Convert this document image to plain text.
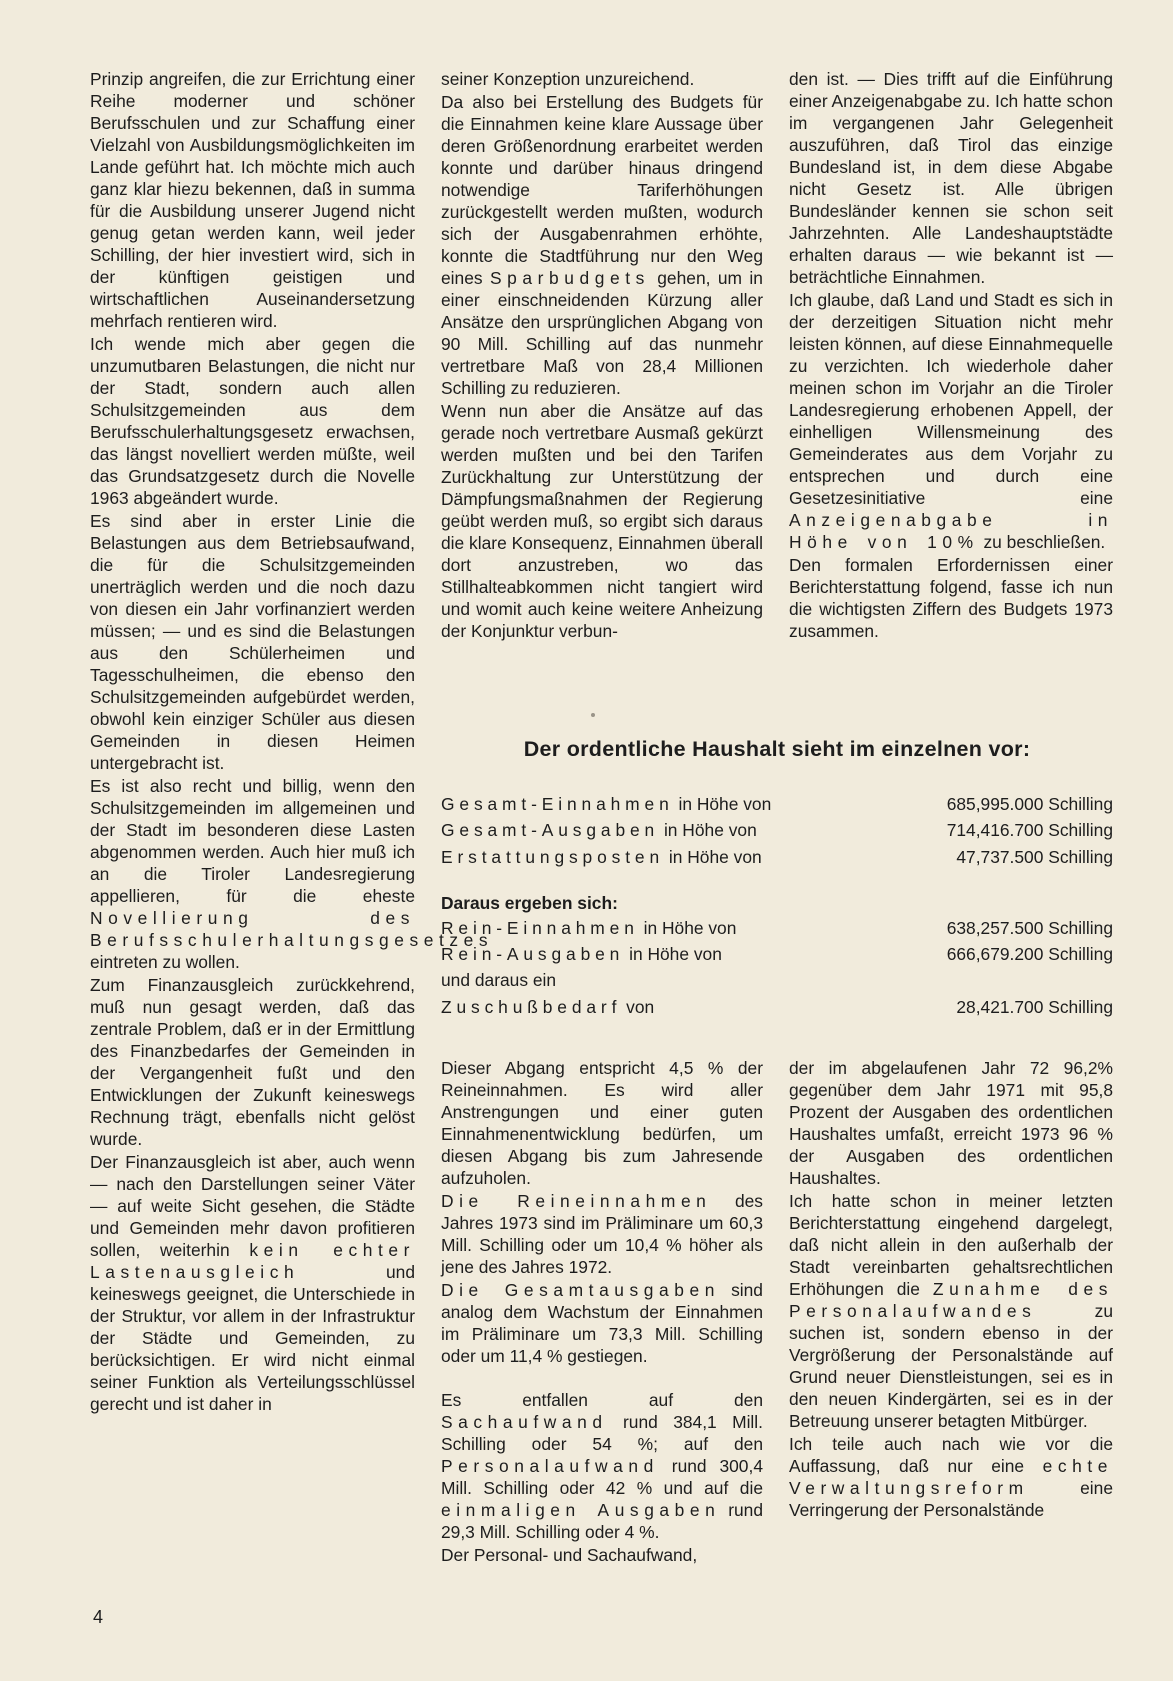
Prinzip angreifen, die zur Errichtung einer Reihe moderner und schöner Berufsschulen und zur Schaffung einer Vielzahl von Ausbildungsmöglichkeiten im Lande geführt hat. Ich möchte mich auch ganz klar hiezu bekennen, daß in summa für die Ausbildung unserer Jugend nicht genug getan werden kann, weil jeder Schilling, der hier investiert wird, sich in der künftigen geistigen und wirtschaftlichen Auseinandersetzung mehrfach rentieren wird.

Ich wende mich aber gegen die unzumutbaren Belastungen, die nicht nur der Stadt, sondern auch allen Schulsitzgemeinden aus dem Berufsschulerhaltungsgesetz erwachsen, das längst novelliert werden müßte, weil das Grundsatzgesetz durch die Novelle 1963 abgeändert wurde.

Es sind aber in erster Linie die Belastungen aus dem Betriebsaufwand, die für die Schulsitzgemeinden unerträglich werden und die noch dazu von diesen ein Jahr vorfinanziert werden müssen; — und es sind die Belastungen aus den Schülerheimen und Tagesschulheimen, die ebenso den Schulsitzgemeinden aufgebürdet werden, obwohl kein einziger Schüler aus diesen Gemeinden in diesen Heimen untergebracht ist.

Es ist also recht und billig, wenn den Schulsitzgemeinden im allgemeinen und der Stadt im besonderen diese Lasten abgenommen werden. Auch hier muß ich an die Tiroler Landesregierung appellieren, für die eheste Novellierung des Berufsschulerhaltungsgesetzes eintreten zu wollen.

Zum Finanzausgleich zurückkehrend, muß nun gesagt werden, daß das zentrale Problem, daß er in der Ermittlung des Finanzbedarfes der Gemeinden in der Vergangenheit fußt und den Entwicklungen der Zukunft keineswegs Rechnung trägt, ebenfalls nicht gelöst wurde.

Der Finanzausgleich ist aber, auch wenn — nach den Darstellungen seiner Väter — auf weite Sicht gesehen, die Städte und Gemeinden mehr davon profitieren sollen, weiterhin kein echter Lastenausgleich	und keineswegs geeignet, die Unterschiede in der Struktur, vor allem in der Infrastruktur der Städte und Gemeinden, zu berücksichtigen. Er wird nicht einmal seiner Funktion als Verteilungsschlüssel gerecht und ist daher in

seiner Konzeption unzureichend.

Da also bei Erstellung des Budgets für die Einnahmen keine klare Aussage über deren Größenordnung erarbeitet werden konnte und darüber hinaus dringend notwendige Tariferhöhungen zurückgestellt werden mußten, wodurch sich der Ausgabenrahmen erhöhte, konnte die Stadtführung nur den Weg eines Sparbudgets gehen, um in einer einschneidenden Kürzung aller Ansätze den ursprünglichen Abgang von 90 Mill. Schilling auf das nunmehr vertretbare Maß von 28,4 Millionen Schilling zu reduzieren.

Wenn nun aber die Ansätze auf das gerade noch vertretbare Ausmaß gekürzt werden mußten und bei den Tarifen Zurückhaltung zur Unterstützung der Dämpfungsmaßnahmen der Regierung geübt werden muß, so ergibt sich daraus die klare Konsequenz, Einnahmen überall dort anzustreben, wo das Stillhalteabkommen nicht tangiert wird und womit auch keine weitere Anheizung der Konjunktur verbun-

den ist. — Dies trifft auf die Einführung einer Anzeigenabgabe zu. Ich hatte schon im vergangenen Jahr Gelegenheit auszuführen, daß Tirol das einzige Bundesland ist, in dem diese Abgabe nicht Gesetz ist. Alle übrigen Bundesländer kennen sie schon seit Jahrzehnten. Alle Landeshauptstädte erhalten daraus — wie bekannt ist — beträchtliche Einnahmen.

Ich glaube, daß Land und Stadt es sich in der derzeitigen Situation nicht mehr leisten können, auf diese Einnahmequelle zu verzichten. Ich wiederhole daher meinen schon im Vorjahr an die Tiroler Landesregierung erhobenen Appell, der einhelligen Willensmeinung des Gemeinderates aus dem Vorjahr zu entsprechen und durch eine Gesetzesinitiative eine Anzeigenabgabe in Höhe von 10% zu beschließen.

Den formalen Erfordernissen einer Berichterstattung folgend, fasse ich nun die wichtigsten Ziffern des Budgets 1973 zusammen.

Der ordentliche Haushalt sieht im einzelnen vor:
Gesamt-Einnahmen in Höhe von	685,995.000 Schilling
Gesamt-Ausgaben in Höhe von	714,416.700 Schilling
Erstattungsposten in Höhe von	47,737.500 Schilling
Daraus ergeben sich:
Rein-Einnahmen in Höhe von	638,257.500 Schilling
Rein-Ausgaben in Höhe von	666,679.200 Schilling
und daraus ein
Zuschußbedarf von	28,421.700 Schilling

Dieser Abgang entspricht 4,5 % der Reineinnahmen. Es wird aller Anstrengungen und einer guten Einnahmenentwicklung bedürfen, um diesen Abgang bis zum Jahresende aufzuholen.

Die Reineinnahmen des Jahres 1973 sind im Präliminare um 60,3 Mill. Schilling oder um 10,4 % höher als jene des Jahres 1972.

Die Gesamtausgaben sind analog dem Wachstum der Einnahmen im Präliminare um 73,3 Mill. Schilling oder um 11,4 % gestiegen.

Es entfallen auf den Sachaufwand rund 384,1 Mill. Schilling oder 54 %; auf den Personalaufwand rund 300,4 Mill. Schilling oder 42 % und auf die einmaligen Ausgaben rund 29,3 Mill. Schilling oder 4 %.

Der Personal- und Sachaufwand,

der im abgelaufenen Jahr 72 96,2% gegenüber dem Jahr 1971 mit 95,8 Prozent der Ausgaben des ordentlichen Haushaltes umfaßt, erreicht 1973 96 % der Ausgaben des ordentlichen Haushaltes.

Ich hatte schon in meiner letzten Berichterstattung eingehend dargelegt, daß nicht allein in den außerhalb der Stadt vereinbarten gehaltsrechtlichen Erhöhungen die Zunahme des Personalaufwandes	zu suchen ist, sondern ebenso in der Vergrößerung der Personalstände auf Grund neuer Dienstleistungen, sei es in den neuen Kindergärten, sei es in der Betreuung unserer betagten Mitbürger.

Ich teile auch nach wie vor die Auffassung, daß nur eine echte Verwaltungsreform	eine Verringerung der Personalstände

4
